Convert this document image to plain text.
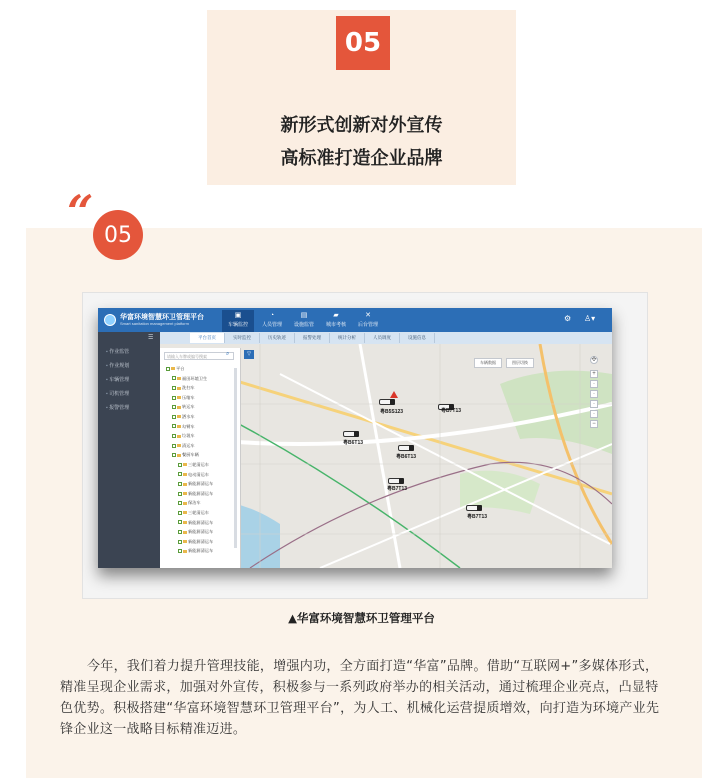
05
新形式创新对外宣传
高标准打造企业品牌
“ 05
华富环境智慧环卫管理平台
Smart sanitation management platform
▣
车辆监控
◔
人员管理
▤
设施监管
▰
城市考核
✕
后台管理
⚙ ♙▾
平台首页	实时监控	历史轨迹	报警处理	统计分析	人员调度	设施信息
☰
▪ 作业监管
▪ 作业规划
▪ 车辆管理
▪ 司机管理
▪ 报警管理
请输入车牌或编号搜索	⌕
平台
福田环境卫生
洗扫车
压缩车
转运车
洒水车
勾臂车
垃圾车
清运车
餐厨车辆
三轮清运车
电动清运车
新能源清运车
新能源清运车
保洁车
三轮清运车
新能源清运车
新能源清运车
新能源清运车
新能源清运车
▽
车辆数据	图层切换	✣
+
·
·
·
·
−
粤B5S123	粤B7T13
粤B6T13
粤B6T13
粤B7T13
粤B7T13
▲华富环境智慧环卫管理平台
今年，我们着力提升管理技能，增强内功，全方面打造“华富”品牌。借助“互联网+”多媒体形式，精准呈现企业需求，加强对外宣传，积极参与一系列政府举办的相关活动，通过梳理企业亮点，凸显特色优势。积极搭建“华富环境智慧环卫管理平台”，为人工、机械化运营提质增效，向打造为环境产业先锋企业这一战略目标精准迈进。
